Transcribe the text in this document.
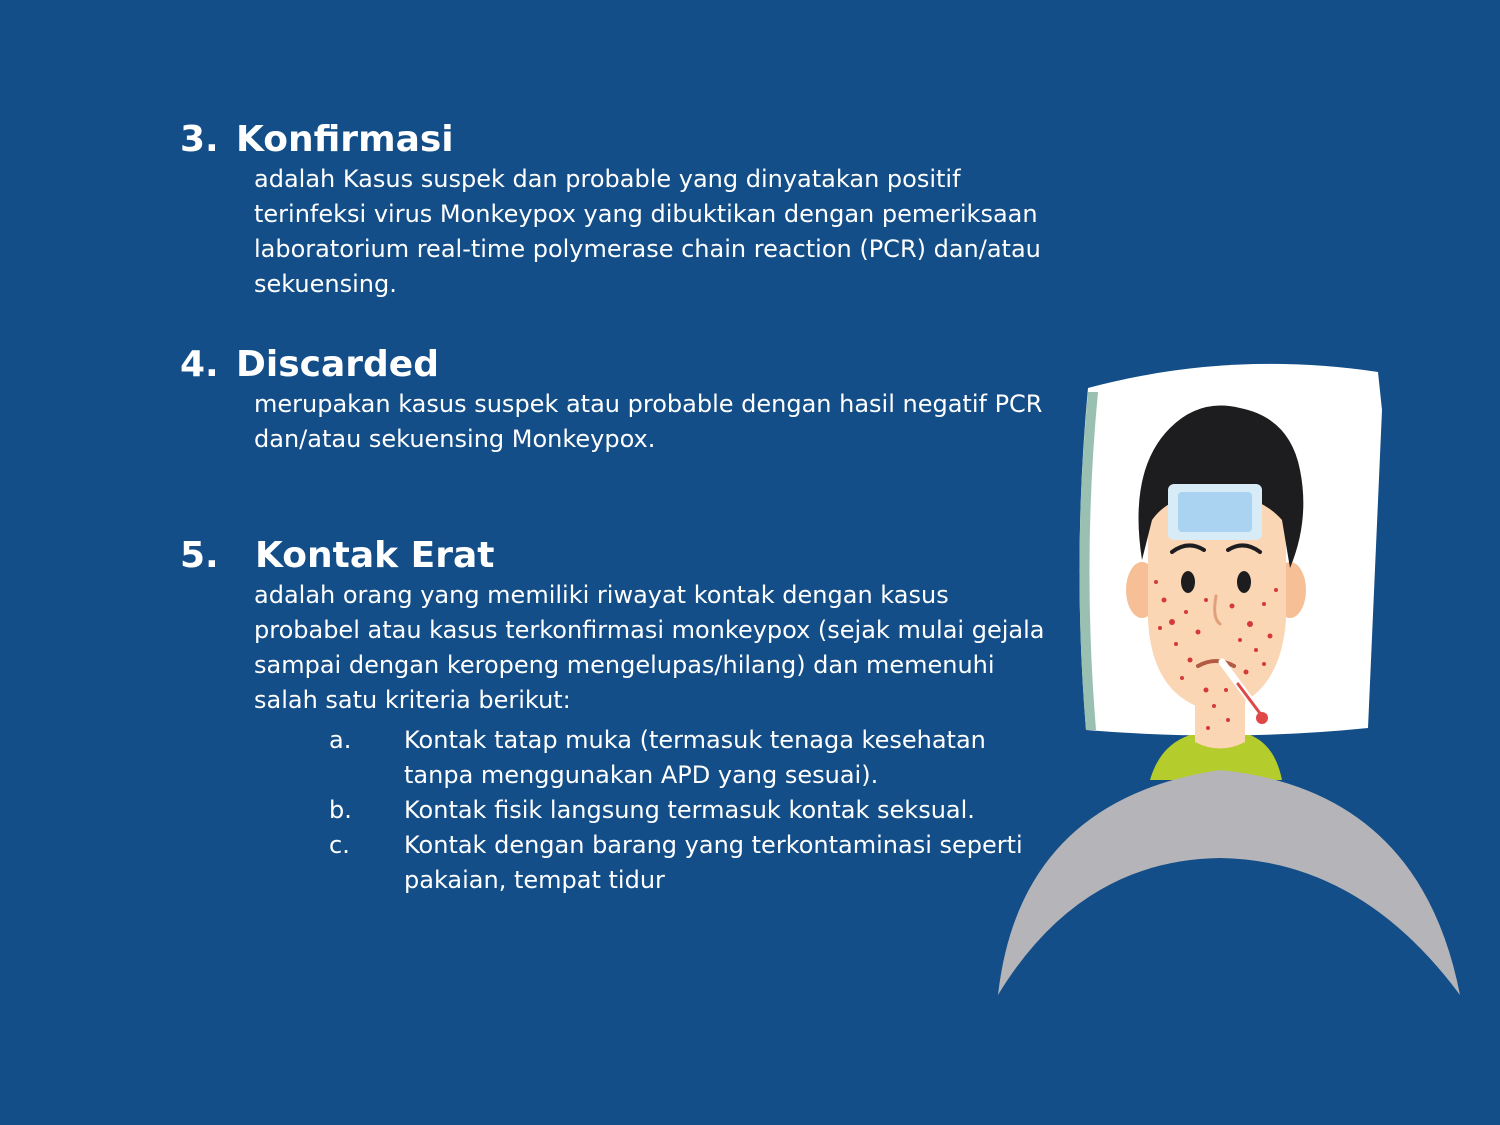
3. Konfirmasi
adalah Kasus suspek dan probable yang dinyatakan positif terinfeksi virus Monkeypox yang dibuktikan dengan pemeriksaan laboratorium real-time polymerase chain reaction (PCR) dan/atau sekuensing.
4. Discarded
merupakan kasus suspek atau probable dengan hasil negatif PCR dan/atau sekuensing Monkeypox.
5. Kontak Erat
adalah orang yang memiliki riwayat kontak dengan kasus probabel atau kasus terkonfirmasi monkeypox (sejak mulai gejala sampai dengan keropeng mengelupas/hilang) dan memenuhi salah satu kriteria berikut:
a. Kontak tatap muka (termasuk tenaga kesehatan tanpa menggunakan APD yang sesuai).
b. Kontak fisik langsung termasuk kontak seksual.
c. Kontak dengan barang yang terkontaminasi seperti pakaian, tempat tidur
